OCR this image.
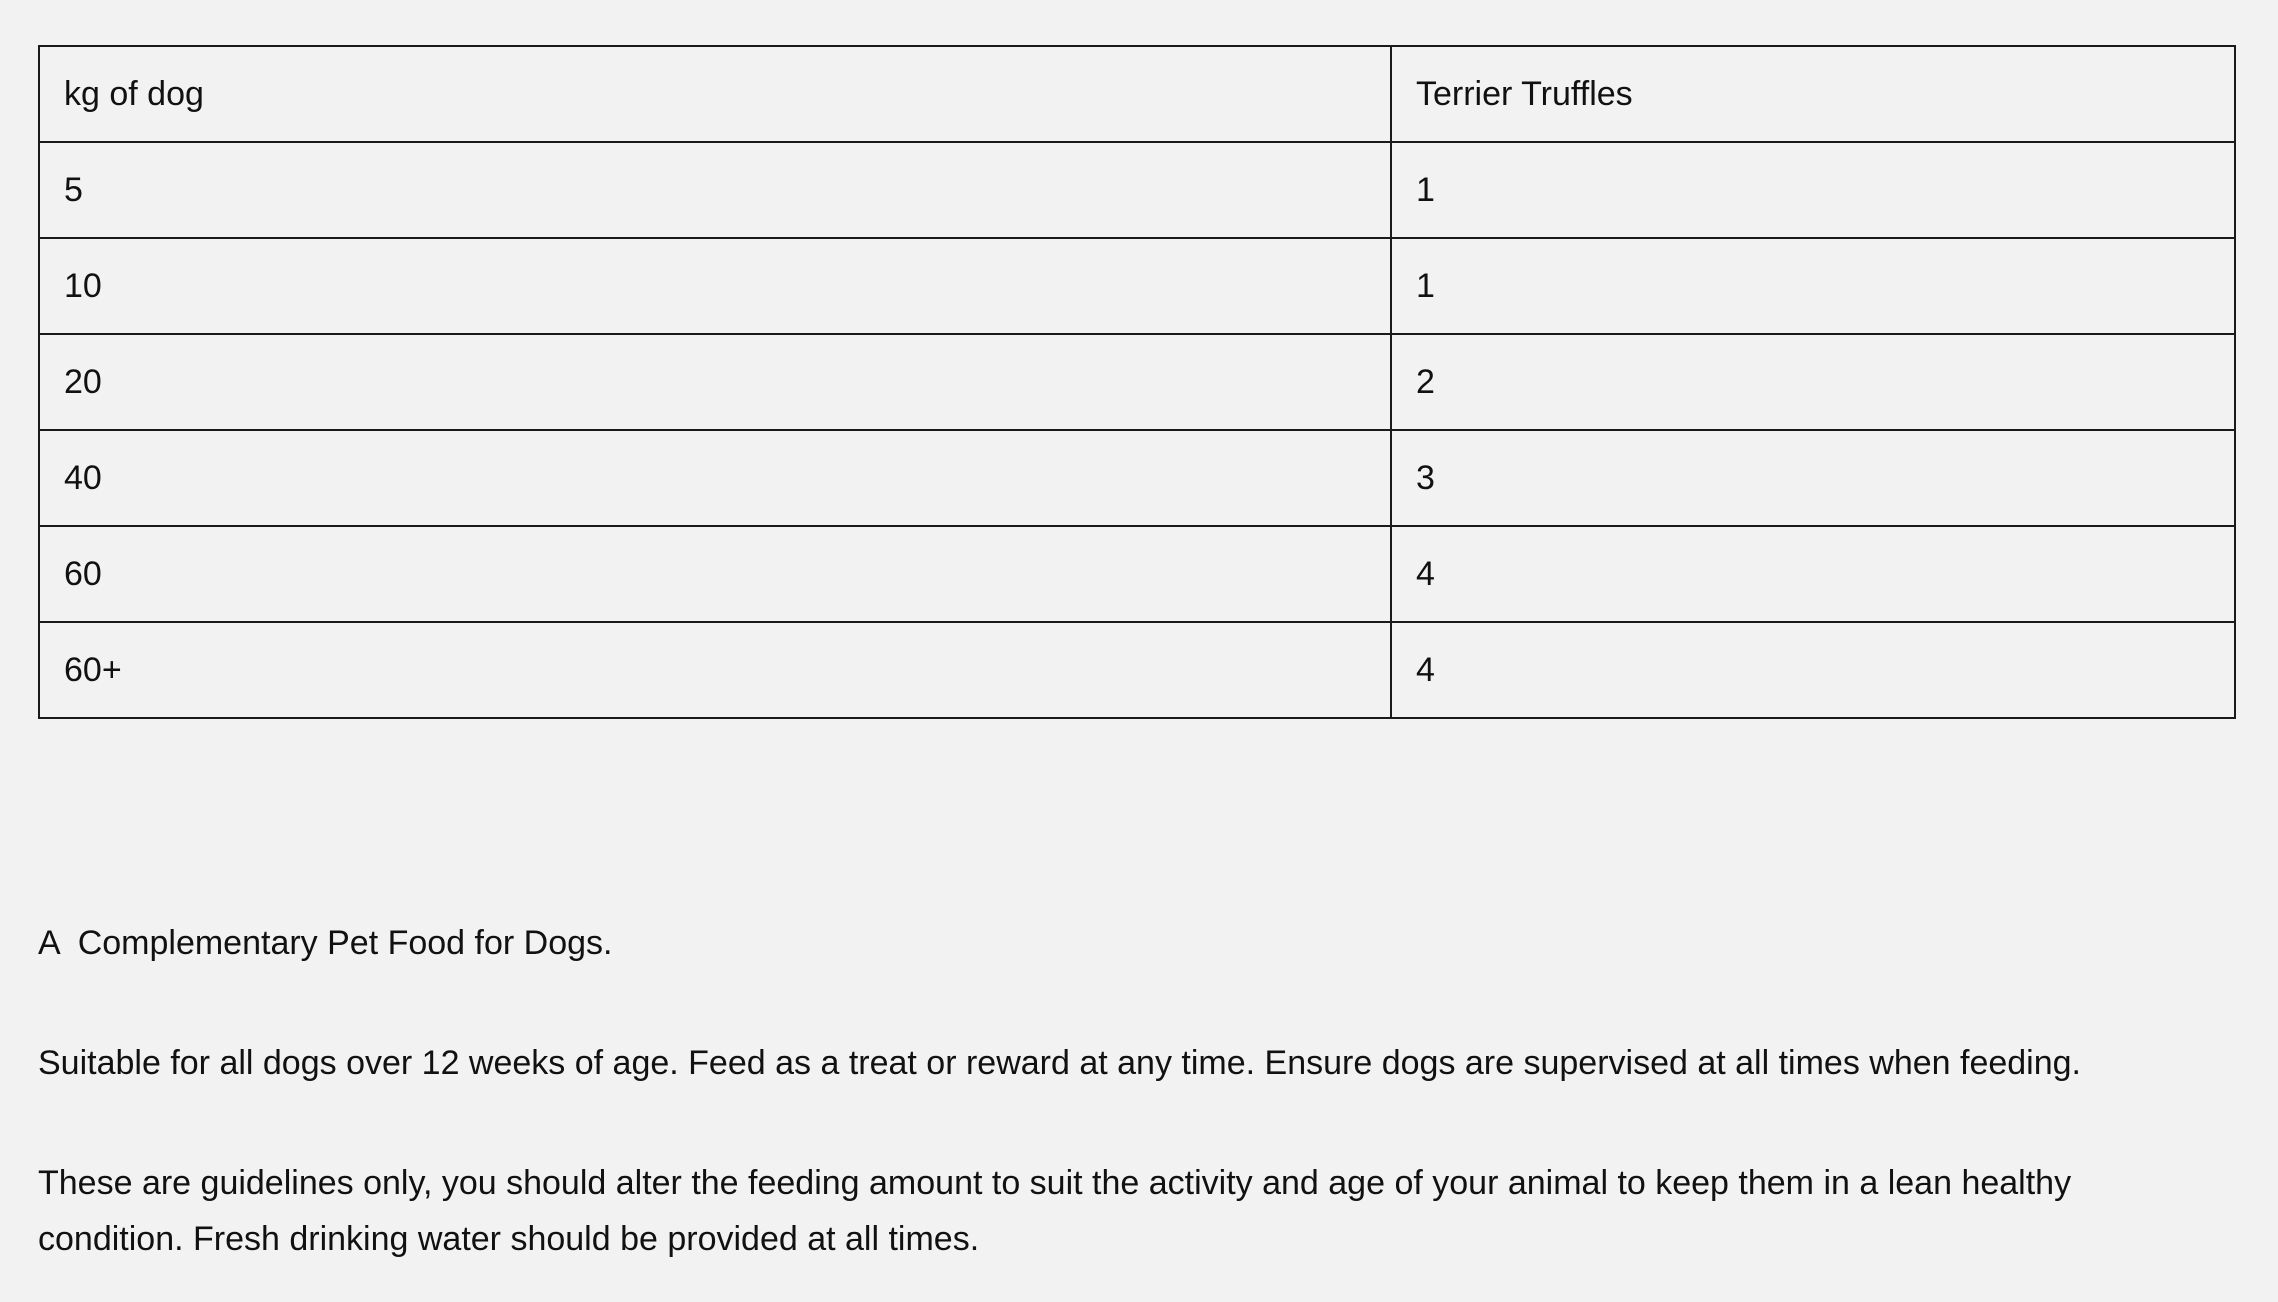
kg of dog	Terrier Truffles
5	1
10	1
20	2
40	3
60	4
60+	4

A  Complementary Pet Food for Dogs.

Suitable for all dogs over 12 weeks of age. Feed as a treat or reward at any time. Ensure dogs are supervised at all times when feeding.

These are guidelines only, you should alter the feeding amount to suit the activity and age of your animal to keep them in a lean healthy condition. Fresh drinking water should be provided at all times.
